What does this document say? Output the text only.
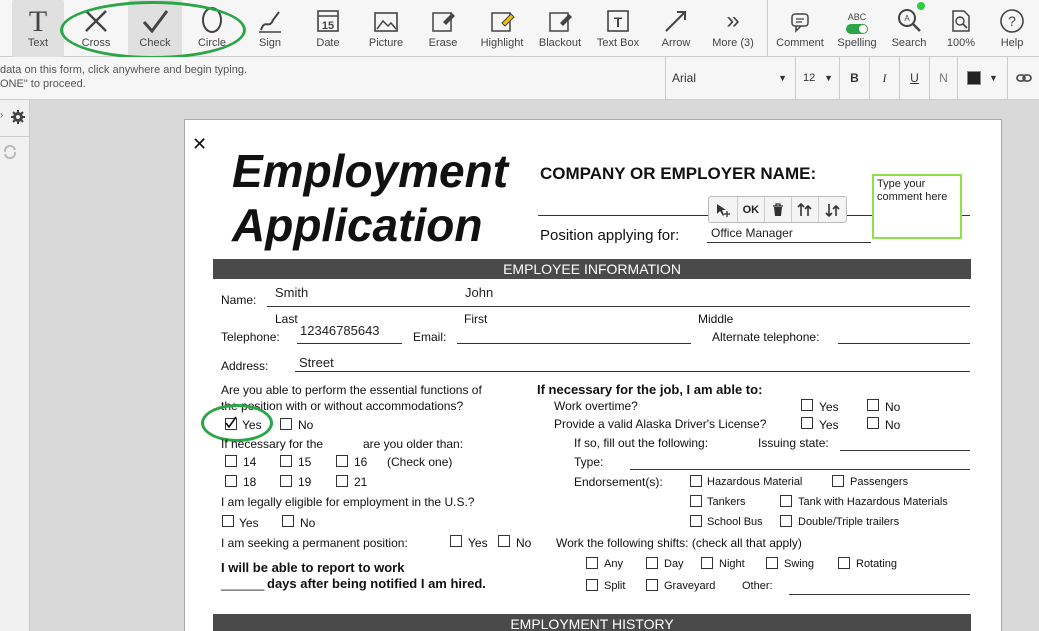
T
Text	Cross	Check Circle	Sign
15
Date	Picture Erase Highlight Blackout
T
Text Box Arrow
»
More (3) Comment
ABC
Spelling
A
Search 100%
?
Help
data on this form, click anywhere and begin typing.
ONE" to proceed.	Arial	▼ 12 ▼	B	I	U	N	▼
›
✕
Employment
Application
COMPANY OR EMPLOYER NAME:
OK
Type your comment here
Position applying for:	Office Manager
EMPLOYEE INFORMATION
Name: Smith	John
Last	First	Middle
Telephone: 12346785643	Email:	Alternate telephone:
Address: Street
Are you able to perform the essential functions of
the position with or without accommodations?
Yes	No
If necessary for the	are you older than:
14	15	16 (Check one)
18	19	21
I am legally eligible for employment in the U.S.?
Yes	No
I am seeking a permanent position:	Yes No
I will be able to report to work
______ days after being notified I am hired.
If necessary for the job, I am able to:
Work overtime?	Yes	No
Provide a valid Alaska Driver's License?	Yes	No
If so, fill out the following:	Issuing state:
Type:
Endorsement(s):	Hazardous Material	Passengers
Tankers	Tank with Hazardous Materials
School Bus	Double/Triple trailers
Work the following shifts: (check all that apply)
Any	Day	Night	Swing	Rotating
Split	Graveyard Other:
EMPLOYMENT HISTORY
